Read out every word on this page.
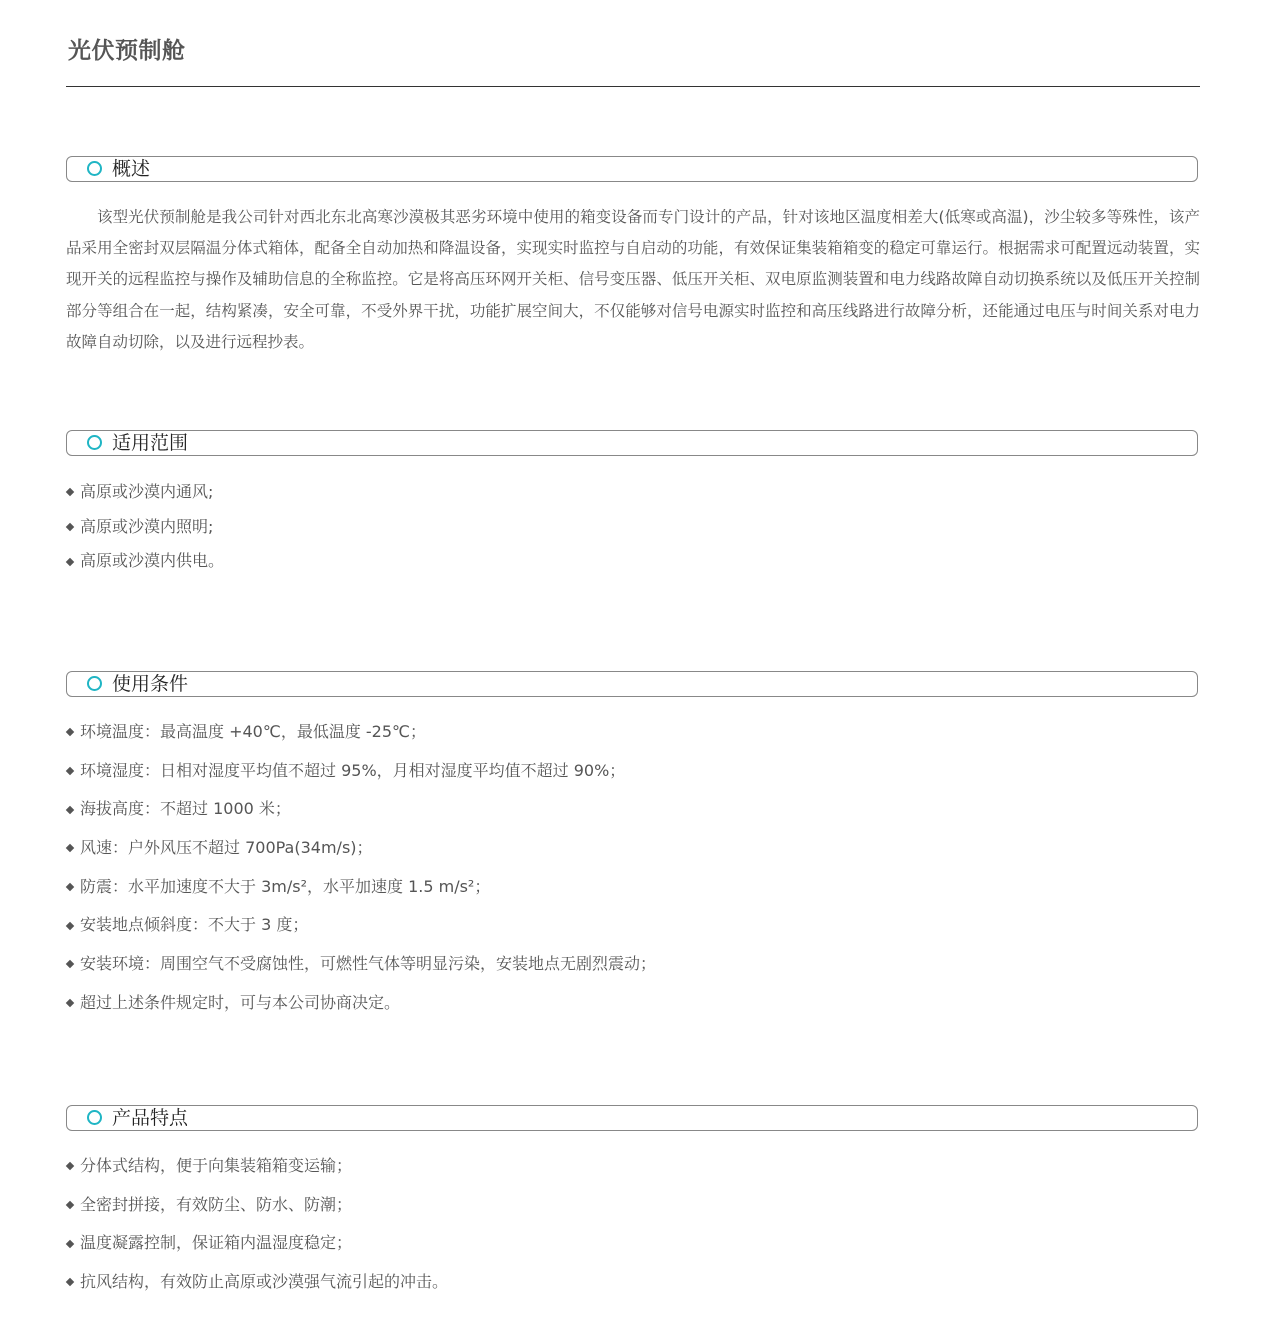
光伏预制舱
概述

该型光伏预制舱是我公司针对西北东北高寒沙漠极其恶劣环境中使用的箱变设备而专门设计的产品，针对该地区温度相差大(低寒或高温)，沙尘较多等殊性，该产品采用全密封双层隔温分体式箱体，配备全自动加热和降温设备，实现实时监控与自启动的功能，有效保证集装箱箱变的稳定可靠运行。根据需求可配置远动装置，实现开关的远程监控与操作及辅助信息的全称监控。它是将高压环网开关柜、信号变压器、低压开关柜、双电原监测装置和电力线路故障自动切换系统以及低压开关控制部分等组合在一起，结构紧凑，安全可靠，不受外界干扰，功能扩展空间大，不仅能够对信号电源实时监控和高压线路进行故障分析，还能通过电压与时间关系对电力故障自动切除，以及进行远程抄表。

适用范围
高原或沙漠内通风;
高原或沙漠内照明;
高原或沙漠内供电。
使用条件
环境温度：最高温度 +40℃，最低温度 -25℃；
环境湿度：日相对湿度平均值不超过 95%，月相对湿度平均值不超过 90%；
海拔高度：不超过 1000 米；
风速：户外风压不超过 700Pa(34m/s)；
防震：水平加速度不大于 3m/s²，水平加速度 1.5 m/s²；
安装地点倾斜度：不大于 3 度；
安装环境：周围空气不受腐蚀性，可燃性气体等明显污染，安装地点无剧烈震动；
超过上述条件规定时，可与本公司协商决定。
产品特点
分体式结构，便于向集装箱箱变运输；
全密封拼接，有效防尘、防水、防潮；
温度凝露控制，保证箱内温湿度稳定；
抗风结构，有效防止高原或沙漠强气流引起的冲击。
